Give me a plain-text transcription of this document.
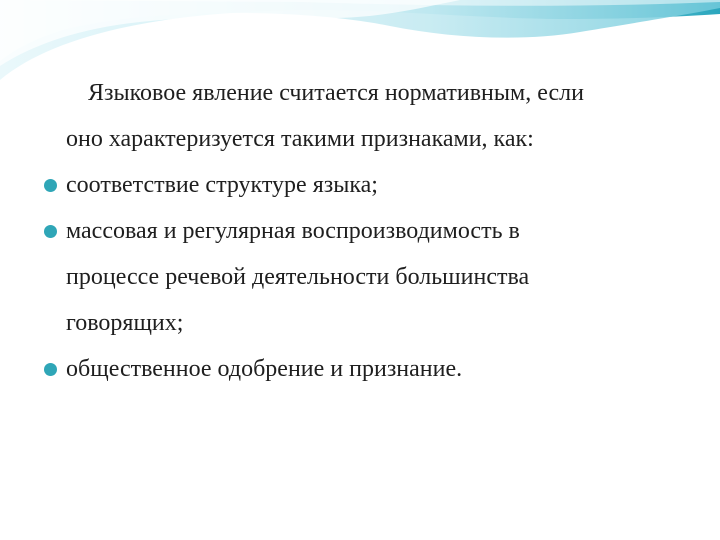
Языковое явление считается нормативным, если

оно характеризуется такими признаками, как:

соответствие структуре языка;
массовая и регулярная воспроизводимость в
процессе речевой деятельности большинства
говорящих;
общественное одобрение и признание.
